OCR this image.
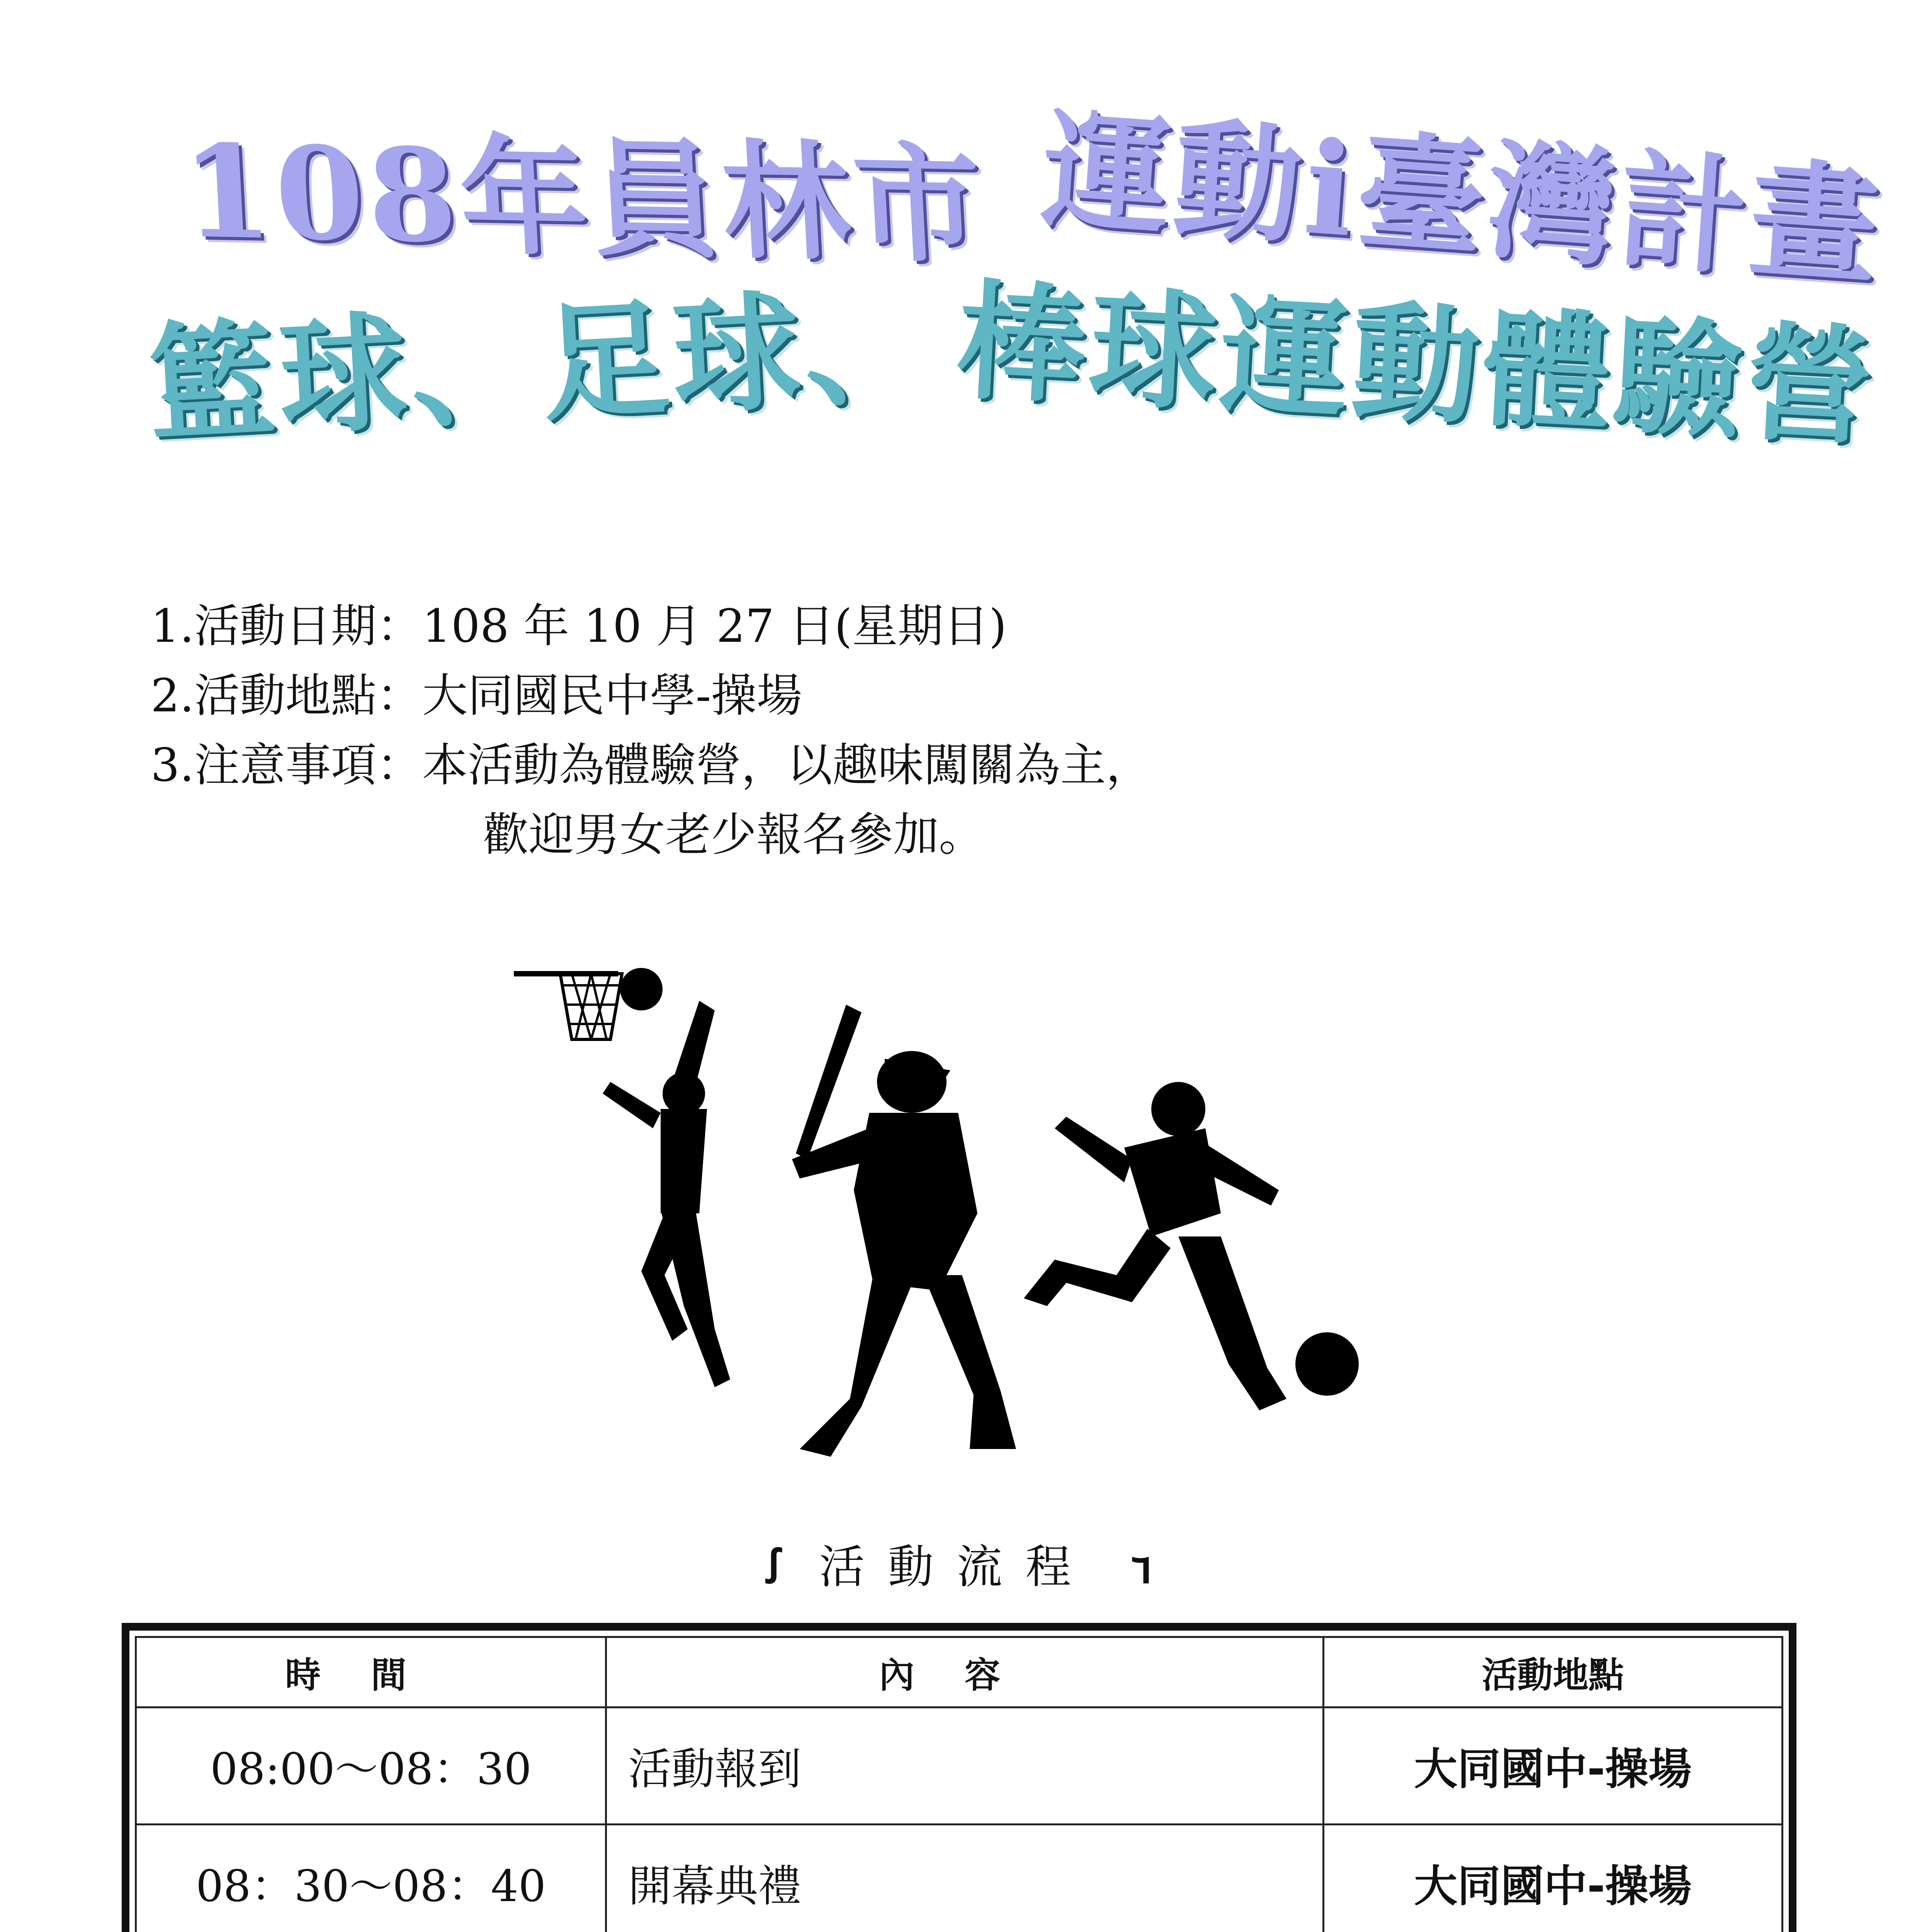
108年員林市 運動i臺灣計畫
籃球、足球、 棒球運動體驗營
1.活動日期：108 年 10 月 27 日(星期日)
2.活動地點：大同國民中學-操場
3.注意事項：本活動為體驗營，以趣味闖關為主，
歡迎男女老少報名參加。
ꭍ 活動流程 ꭋ
時間	內容	活動地點
08:00～08：30	活動報到	大同國中-操場
08：30～08：40	開幕典禮	大同國中-操場
